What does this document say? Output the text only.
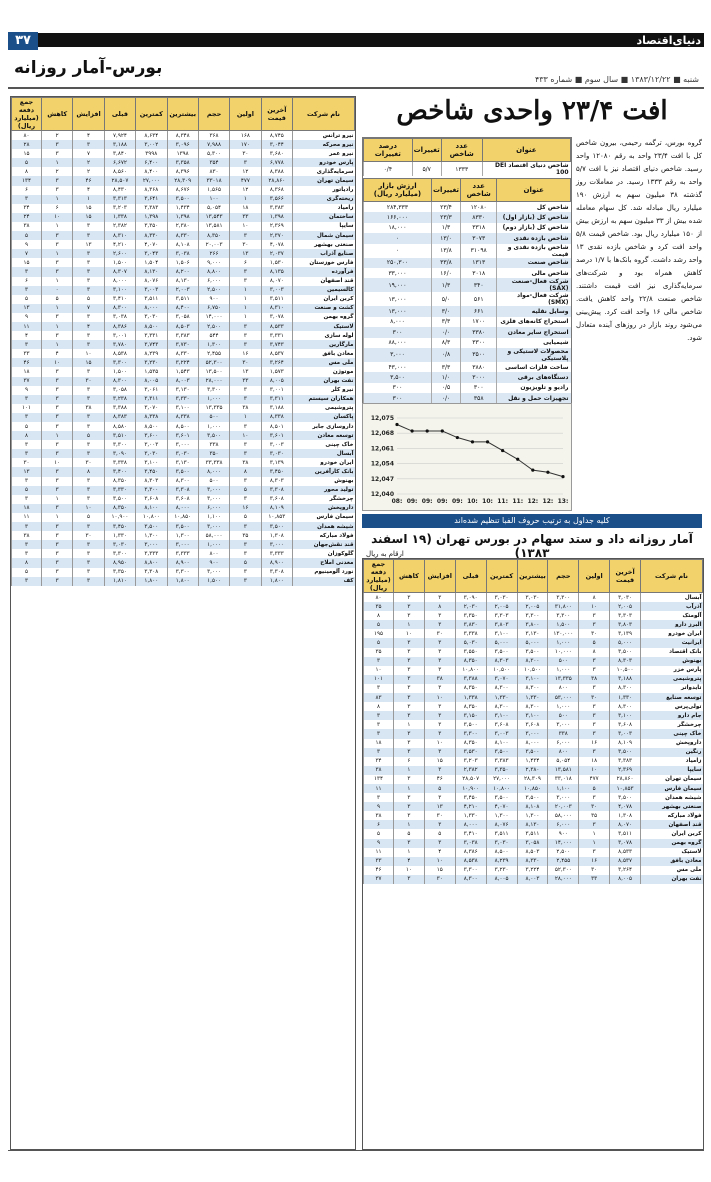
۳۷	دنیای‌اقتصاد
بورس-آمار روزانه
شنبه ■ ۱۳۸۳/۱۲/۲۲ ■ سال سوم ■ شماره ۴۳۳
نام شرکت	آخرین قیمت	اولین	حجم	بیشترین	کمترین	قبلی	افزایش	کاهش	جمع دفعه (میلیارد ریال)
نیرو ترانس	۸,۷۴۵	۱۶۸	۳۶۸	۸,۳۴۸	۸,۶۳۴	۷,۹۲۴	۴	۲	۸۰
نیرو محرکه	۳,۰۴۴	۱۷۰	۷,۹۸۸	۳,۰۹۶	۳,۰۰۲	۳,۱۸۸	۳	۳	۲۸
نیرو عمر	۳,۶۸۰	۳۰	۵,۳۰۰	۱۳۹۸	۳۹۹۸	۳,۸۴۰	۷	۳	۱۵
پارس خودرو	۶,۷۷۸	۳	۳۵۴	۳,۳۵۸	۶,۴۰۰	۶,۶۷۲	۲	۱	۵
سرمایه‌گذاری	۸,۳۸۸	۱۲	۸۳۰	۸,۳۹۶	۸,۴۰۰	۸,۵۶۰	۲	۲	۸
سیمان‌ تهران	۲۸,۸۶۰	۴۷۷	۳۳۰۱۸	۲۸,۳۰۹	۲۷,۰۰۰	۲۸,۵۰۷	۴۶	۳	۱۳۴
رادیاتور	۸,۳۶۸	۱۲	۱,۵۶۵	۸,۶۷۶	۸,۳۶۸	۸,۴۳۰	۴	۳	۶
ریخته‌گری	۳,۵۶۶	۱	۱۰۰	۳,۵۰۰	۳,۶۴۱	۳,۳۱۳	۱	۱	۳
زامیاد	۳,۳۸۳	۱۸	۵,۰۵۴	۱,۴۳۴	۳,۳۸۳	۳,۲۰۳	۱۵	۶	۳۴
ساختمان	۱,۳۹۸	۳۳	۱۳,۵۴۳	۱,۳۹۸	۱,۳۹۸	۱,۳۳۸	۱۵	۱۰	۲۴
سایپا	۲,۳۶۹	۱۰	۱۳,۵۸۱	۲,۳۸۰	۳,۳۵۰	۲,۳۸۲	۳	۱	۳۸
سیمان شمال	۲,۳۷۰	۳	۸,۳۵۰	۸,۳۳۰	۸,۳۳۰	۸,۳۱۰	۳	۳	۵
صنعتی‌ بهشهر	۴,۰۷۸	۳۰	۲۰,۰۰۳	۸,۱۰۸	۴,۰۷۰	۴,۲۱۰	۱۳	۳	۹
صنایع‌ آذراب	۲,۰۳۷	۱۳	۲۶۶	۳,۰۳۸	۳,۰۴۳	۲,۶۰۰	۳	۱	۷
فارس‌ خوزستان	۱,۵۳۰	۶	۹,۰۰۰	۱,۵۰۶	۱,۵۰۴	۱,۵۰۰	۳	۳	۱۵
فرآورده	۸,۱۳۵	۳	۸,۸۰۰	۸,۲۰۰	۸,۱۳۰	۸,۳۰۷	۳	۳	۳
قند اصفهان	۸,۰۷۰	۳	۶,۰۰۰	۸,۱۳۰	۸,۰۷۶	۸,۰۰۰	۳	۱	۶
کالسیمین	۳,۰۰۳	۱	۲,۵۰۰	۲,۰۰۳	۳,۰۰۳	۳,۱۰۰	۳	۰	۳
کربن ایران	۳,۵۱۱	۱	۹۰۰	۳,۵۱۱	۳,۵۱۱	۳,۴۱۰	۵	۵	۵
کشت و صنعت	۸,۳۱۰	۱	۶,۷۵۰	۸,۴۰۰	۸,۰۰۰	۸,۳۰۰	۷	۱	۱۳
گروه بهمن	۳,۰۷۸	۱	۱۴,۰۰۰	۳,۰۵۸	۳,۰۳۰	۳,۰۳۸	۳	۳	۹
لاستیک	۸,۵۳۳	۳	۲,۵۰۰	۸,۵۰۳	۸,۵۰۰	۸,۳۸۶	۴	۱	۱۱
لوله‌ سازی	۳,۳۳۱	۳	۵۴۴	۳,۳۸۳	۳,۳۳۱	۳,۰۰۱	۳	۳	۴
مارگارین	۳,۷۴۳	۳	۱,۳۰۰	۳,۷۳۰	۳,۷۴۳	۳,۷۸۰	۳	۱	۳
معادن‌ بافق	۸,۵۳۷	۱۶	۲,۴۵۵	۸,۳۳۰	۸,۲۳۹	۸,۵۳۸	۱۰	۴	۳۳
ملی‌ مس	۳,۲۶۴	۳۰	۵۲,۳۰۰	۳,۲۲۴	۳,۲۳۰	۳,۳۰۰	۱۵	۱۰	۴۶
موتوژن	۱,۵۷۳	۱۳	۱۳,۵۰۰	۱,۵۴۳	۱,۵۳۵	۱,۵۰۰	۳	۳	۱۸
نفت‌ بهران	۸,۰۰۵	۳۳	۲۸,۰۰۰	۸,۰۰۳	۸,۰۰۵	۸,۳۰۰	۳۰	۳	۳۷
نیرو کلر	۳,۰۰۱	۳	۳,۳۰۰	۳,۱۳۰	۳,۰۶۱	۳,۰۵۸	۳	۳	۹
همکاران‌ سیستم	۳,۳۱۱	۳	۱,۰۰۰	۳,۳۳۰	۳,۳۱۱	۳,۲۳۸	۳	۳	۳
پتروشیمی	۳,۱۸۸	۳۸	۱۳,۳۳۵	۳,۱۰۰	۳,۰۷۰	۳,۳۸۸	۳۸	۳	۱۰۱
پاکسان	۸,۳۳۸	۱	۵۰۰	۸,۳۳۸	۸,۳۳۸	۸,۳۸۳	۳	۳	۳
داروسازی‌ جابر	۸,۵۰۱	۳	۱,۰۰۰	۸,۵۰۰	۸,۵۰۰	۸,۵۸۰	۳	۳	۵
توسعه معادن	۳,۶۰۱	۱۰	۳,۵۰۰	۳,۶۰۱	۳,۶۰۰	۳,۵۱۰	۵	۱	۸
خاک‌ چینی	۳,۰۰۳	۳	۳۳۸	۳,۰۰۰	۳,۰۰۳	۳,۳۰۰	۳	۳	۳
آبسال	۳,۰۳۰	۳	۳۵۰	۳,۰۳۰	۳,۰۳۰	۳,۰۹۰	۳	۳	۳
ایران‌ خودرو	۳,۱۳۹	۳۸	۳۳,۳۳۸	۳,۱۳۰	۳,۱۰۰	۳,۳۳۸	۳۰	۱۰	۳۰
بانک‌ کارآفرین	۳,۴۵۰	۸	۸,۰۰۰	۳,۵۰۰	۳,۴۵۰	۳,۴۰۰	۸	۳	۱۳
بهنوش	۸,۳۰۳	۳	۵۰۰	۸,۳۰۰	۸,۳۰۳	۸,۳۵۰	۳	۳	۳
تولید محور	۳,۳۰۸	۵	۳,۰۰۰	۳,۳۰۸	۳,۳۰۰	۳,۳۳۰	۳	۳	۵
چرخشگر	۳,۶۰۸	۳	۳,۰۰۰	۳,۶۰۸	۳,۶۰۸	۳,۵۰۰	۳	۱	۳
داروپخش	۸,۱۰۹	۱۶	۶,۰۰۰	۸,۰۰۰	۸,۱۰۰	۸,۳۵۰	۱۰	۳	۱۸
سیمان‌ فارس	۱۰,۸۵۳	۵	۱,۱۰۰	۱۰,۸۵۰	۱۰,۸۰۰	۱۰,۹۰۰	۵	۱	۱۱
شیشه‌ همدان	۳,۵۰۰	۳	۳,۰۰۰	۳,۵۰۰	۳,۵۰۰	۳,۴۵۰	۳	۳	۳
فولاد مبارکه	۱,۳۰۸	۳۵	۵۸,۰۰۰	۱,۳۰۰	۱,۳۰۰	۱,۳۳۰	۳۰	۳	۳۸
قند نقش‌جهان	۳,۰۰۰	۳	۱,۰۰۰	۳,۰۰۰	۳,۰۰۰	۳,۰۳۰	۳	۳	۳
گلوکوزان	۳,۳۳۳	۳	۸۰۰	۳,۳۳۳	۳,۳۳۳	۳,۳۰۰	۳	۳	۳
معدنی‌ املاح	۸,۹۰۰	۵	۹۰۰	۸,۹۰۰	۸,۸۰۰	۸,۹۵۰	۳	۳	۸
نورد آلومینیوم	۳,۳۰۸	۳	۳,۰۰۰	۳,۳۰۰	۳,۳۰۸	۳,۳۵۰	۳	۳	۵
کف	۱,۸۰۰	۳	۱,۵۰۰	۱,۸۰۰	۱,۸۰۰	۱,۸۱۰	۳	۳	۳
افت ۲۳/۴ واحدی شاخص
گروه بورس، ترگمه رحیمی، بیرون شاخص کل با افت ۲۳/۴ واحد به رقم ۱۲۰۸۰ واحد رسید. شاخص دنیای اقتصاد نیز با افت ۵/۷ واحد به رقم ۱۳۳۳ رسید. در معاملات روز گذشته ۳۸ میلیون سهم به ارزش ۱۹۰ میلیارد ریال مبادله شد. کل سهام معامله شده بیش از ۳۳ میلیون سهم به ارزش بیش از ۱۵۰ میلیارد ریال بود. شاخص قیمت ۵/۸ واحد افت کرد و شاخص بازده نقدی ۱۳ واحد رشد داشت. گروه بانک‌ها با ۱/۷ درصد کاهش همراه بود و شرکت‌های سرمایه‌گذاری نیز افت قیمت داشتند. شاخص صنعت ۲۲/۸ واحد کاهش یافت. شاخص مالی ۱۶ واحد افت کرد. پیش‌بینی می‌شود روند بازار در روزهای آینده متعادل شود.
عنوان	عدد شاخص	تغییرات	درصد تغییرات
شاخص دنیای اقتصاد DEI 100	۱۳۳۳	۵/۷	۰/۴
عنوان	عدد شاخص	تغییرات	ارزش بازار (میلیارد ریال)
شاخص کل	۱۲۰۸۰	۲۳/۴	۲۸۴,۳۳۳
شاخص کل (بازار اول)	۸۳۳۰	۲۳/۳	۱۶۶,۰۰۰
شاخص کل (بازار دوم)	۳۳۱۸	۱/۳	۱۸,۰۰۰
شاخص بازده نقدی	۳۰۷۳	۱۳/۰	۰
شاخص بازده نقدی و قیمت	۳۱۰۹۸	۱۳/۸	۰
شاخص صنعت	۱۳۱۳	۳۳/۸	۲۵۰,۳۰۰
شاخص مالی	۳۰۱۸	۱۶/۰	۳۳,۰۰۰
شرکت‌ فعال-صنعت (SAX)	۳۴۰	۱/۳	۱۹,۰۰۰
شرکت‌ فعال-مواد (SMX)	۵۶۱	۵/۰	۱۳,۰۰۰
وسایل نقلیه	۶۶۱	۳/۰	۱۳,۰۰۰
استخراج کانه‌های فلزی	۱۷۰۰	۳/۳	۸,۰۰۰
استخراج سایر معادن	۳۳۸۰	۰/۰	۳۰۰
شیمیایی	۳۳۰۰	۸/۳	۸۸,۰۰۰
محصولات لاستیکی و پلاستیکی	۳۵۰۰	۰/۸	۳,۰۰۰
ساخت فلزات اساسی	۳۸۸۰	۳/۳	۴۳,۰۰۰
دستگاه‌های برقی	۳۰۰۰	۱/۰	۳,۵۰۰
رادیو و تلویزیون	۳۰۰	۰/۵	۳۰۰
تجهیزات حمل و نقل	۳۵۸	۰/۰	۳۰۰

12,075
12,068
12,061
12,054
12,047
12,040
08: 09: 09: 09: 09: 10: 10: 11: 11: 12: 12: 13:
کلیه جداول به ترتیب حروف الفبا تنظیم شده‌اند
آمار روزانه داد و ستد سهام در بورس تهران (۱۹ اسفند ۱۳۸۳)
ارقام به ریال
نام شرکت	آخرین قیمت	اولین	حجم	بیشترین	کمترین	قبلی	افزایش	کاهش	جمع دفعه (میلیارد ریال)
آبسال	۳,۰۳۰	۸	۳,۳۰۰	۳,۰۳۰	۳,۰۳۰	۳,۰۹۰	۳	۳	۸۰
آذرآب	۲,۰۰۵	۱۰	۳۱,۸۰۰	۲,۰۰۵	۲,۰۰۵	۲,۰۳۰	۸	۳	۳۵
آلومتک	۳,۳۰۳	۳	۳,۳۰۰	۳,۳۰۰	۳,۳۰۳	۳,۳۵۰	۳	۳	۸
البرز دارو	۳,۸۰۳	۳	۱,۵۰۰	۳,۸۰۰	۳,۸۰۳	۳,۸۳۰	۳	۱	۵
ایران‌ خودرو	۳,۱۳۹	۳۰	۱۳۰,۰۰۰	۳,۱۳۰	۳,۱۰۰	۳,۳۳۸	۳۰	۱۰	۱۹۵
ایرانیت	۵,۰۰۰	۵	۱,۰۰۰	۵,۰۰۰	۵,۰۰۰	۵,۰۳۰	۳	۳	۵
بانک‌ اقتصاد	۳,۵۰۰	۸	۱۰,۰۰۰	۳,۵۰۰	۳,۵۰۰	۳,۵۵۰	۳	۳	۳۵
بهنوش	۸,۳۰۳	۳	۵۰۰	۸,۳۰۰	۸,۳۰۳	۸,۳۵۰	۳	۳	۳
پارس خزر	۱۰,۵۰۰	۳	۱,۰۰۰	۱۰,۵۰۰	۱۰,۵۰۰	۱۰,۸۰۰	۳	۳	۱۰
پتروشیمی	۳,۱۸۸	۳۸	۱۳,۳۳۵	۳,۱۰۰	۳,۰۷۰	۳,۳۸۸	۳۸	۳	۱۰۱
تایدواتر	۸,۳۰۰	۳	۸۰۰	۸,۳۰۰	۸,۳۰۰	۸,۳۵۰	۳	۳	۳
توسعه صنایع	۱,۳۳۰	۳۰	۵۳,۰۰۰	۱,۳۳۰	۱,۳۳۰	۱,۳۳۸	۱۰	۳	۸۳
تولی‌پرس	۸,۳۰۰	۳	۱,۰۰۰	۸,۳۰۰	۸,۳۰۰	۸,۳۵۰	۳	۳	۸
جام دارو	۳,۱۰۰	۳	۵۰۰	۳,۱۰۰	۳,۱۰۰	۳,۱۵۰	۳	۳	۳
چرخشگر	۳,۶۰۸	۳	۳,۰۰۰	۳,۶۰۸	۳,۶۰۸	۳,۵۰۰	۳	۱	۳
خاک‌ چینی	۳,۰۰۳	۳	۳۳۸	۳,۰۰۰	۳,۰۰۳	۳,۳۰۰	۳	۳	۳
داروپخش	۸,۱۰۹	۱۶	۶,۰۰۰	۸,۰۰۰	۸,۱۰۰	۸,۳۵۰	۱۰	۳	۱۸
رنگین	۳,۵۰۰	۳	۸۰۰	۳,۵۰۰	۳,۵۰۰	۳,۵۳۰	۳	۳	۳
زامیاد	۳,۳۸۳	۱۸	۵,۰۵۴	۱,۴۳۴	۳,۳۸۳	۳,۲۰۳	۱۵	۶	۳۴
سایپا	۲,۳۶۹	۱۰	۱۳,۵۸۱	۲,۳۸۰	۳,۳۵۰	۲,۳۸۲	۳	۱	۳۸
سیمان‌ تهران	۲۸,۸۶۰	۴۷۷	۳۳,۰۱۸	۲۸,۳۰۹	۲۷,۰۰۰	۲۸,۵۰۷	۴۶	۳	۱۳۴
سیمان‌ فارس	۱۰,۸۵۳	۵	۱,۱۰۰	۱۰,۸۵۰	۱۰,۸۰۰	۱۰,۹۰۰	۵	۱	۱۱
شیشه‌ همدان	۳,۵۰۰	۳	۳,۰۰۰	۳,۵۰۰	۳,۵۰۰	۳,۴۵۰	۳	۳	۳
صنعتی‌ بهشهر	۴,۰۷۸	۳۰	۲۰,۰۰۳	۸,۱۰۸	۴,۰۷۰	۴,۲۱۰	۱۳	۳	۹
فولاد مبارکه	۱,۳۰۸	۳۵	۵۸,۰۰۰	۱,۳۰۰	۱,۳۰۰	۱,۳۳۰	۳۰	۳	۳۸
قند اصفهان	۸,۰۷۰	۳	۶,۰۰۰	۸,۱۳۰	۸,۰۷۶	۸,۰۰۰	۳	۱	۶
کربن ایران	۳,۵۱۱	۱	۹۰۰	۳,۵۱۱	۳,۵۱۱	۳,۴۱۰	۵	۵	۵
گروه بهمن	۳,۰۷۸	۱	۱۴,۰۰۰	۳,۰۵۸	۳,۰۳۰	۳,۰۳۸	۳	۳	۹
لاستیک	۸,۵۳۳	۳	۲,۵۰۰	۸,۵۰۳	۸,۵۰۰	۸,۳۸۶	۴	۱	۱۱
معادن‌ بافق	۸,۵۳۷	۱۶	۲,۴۵۵	۸,۳۳۰	۸,۲۳۹	۸,۵۳۸	۱۰	۴	۳۳
ملی‌ مس	۳,۲۶۴	۳۰	۵۲,۳۰۰	۳,۲۲۴	۳,۲۳۰	۳,۳۰۰	۱۵	۱۰	۴۶
نفت‌ بهران	۸,۰۰۵	۳۳	۲۸,۰۰۰	۸,۰۰۳	۸,۰۰۵	۸,۳۰۰	۳۰	۳	۳۷
